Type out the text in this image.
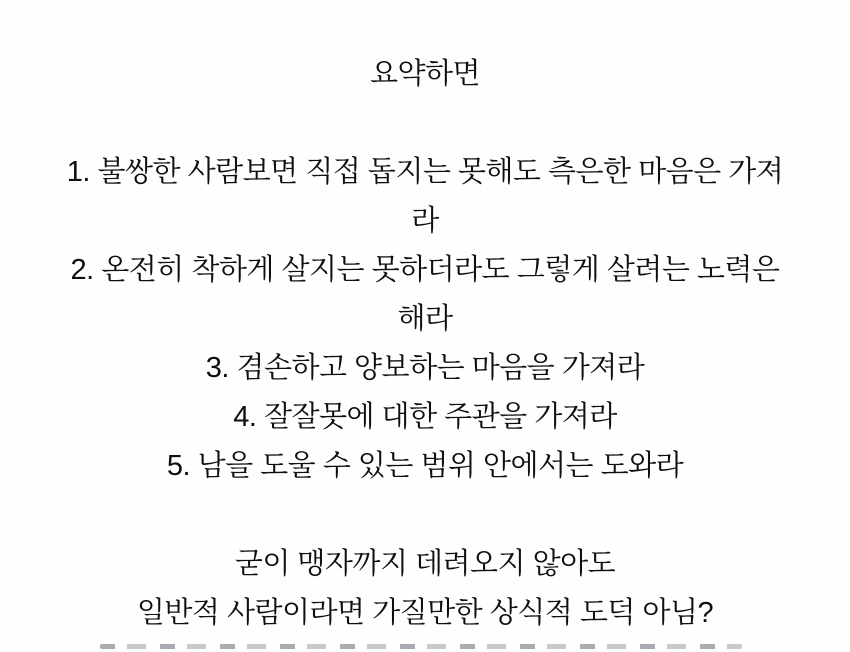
요약하면
1. 불쌍한 사람보면 직접 돕지는 못해도 측은한 마음은 가져
라
2. 온전히 착하게 살지는 못하더라도 그렇게 살려는 노력은
해라
3. 겸손하고 양보하는 마음을 가져라
4. 잘잘못에 대한 주관을 가져라
5. 남을 도울 수 있는 범위 안에서는 도와라
굳이 맹자까지 데려오지 않아도
일반적 사람이라면 가질만한 상식적 도덕 아님?
